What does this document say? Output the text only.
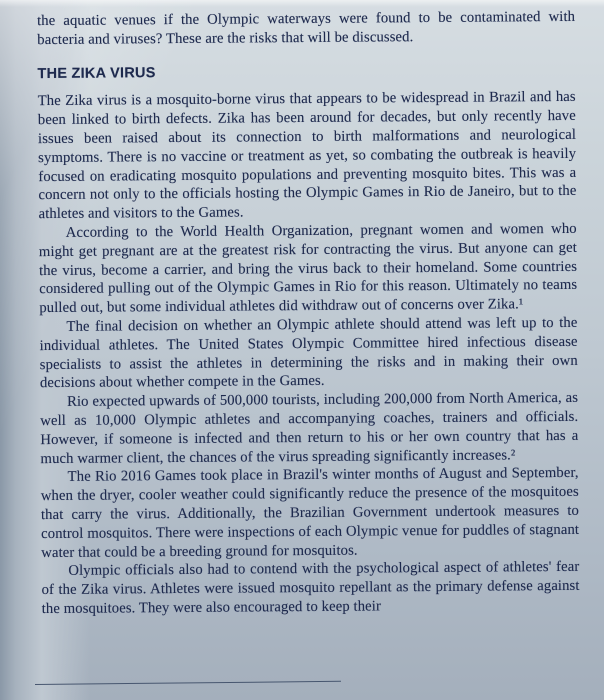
the aquatic venues if the Olympic waterways were found to be contaminated with bacteria and viruses? These are the risks that will be discussed.

THE ZIKA VIRUS

The Zika virus is a mosquito-borne virus that appears to be widespread in Brazil and has been linked to birth defects. Zika has been around for decades, but only recently have issues been raised about its connection to birth malformations and neurological symptoms. There is no vaccine or treatment as yet, so combating the outbreak is heavily focused on eradicating mosquito populations and preventing mosquito bites. This was a concern not only to the officials hosting the Olympic Games in Rio de Janeiro, but to the athletes and visitors to the Games.

According to the World Health Organization, pregnant women and women who might get pregnant are at the greatest risk for contracting the virus. But anyone can get the virus, become a carrier, and bring the virus back to their homeland. Some countries considered pulling out of the Olympic Games in Rio for this reason. Ultimately no teams pulled out, but some individual athletes did withdraw out of concerns over Zika.¹

The final decision on whether an Olympic athlete should attend was left up to the individual athletes. The United States Olympic Committee hired infectious disease specialists to assist the athletes in determining the risks and in making their own decisions about whether compete in the Games.

Rio expected upwards of 500,000 tourists, including 200,000 from North America, as well as 10,000 Olympic athletes and accompanying coaches, trainers and officials. However, if someone is infected and then return to his or her own country that has a much warmer client, the chances of the virus spreading significantly increases.²

The Rio 2016 Games took place in Brazil's winter months of August and September, when the dryer, cooler weather could significantly reduce the presence of the mosquitoes that carry the virus. Additionally, the Brazilian Government undertook measures to control mosquitos. There were inspections of each Olympic venue for puddles of stagnant water that could be a breeding ground for mosquitos.

Olympic officials also had to contend with the psychological aspect of athletes' fear of the Zika virus. Athletes were issued mosquito repellant as the primary defense against the mosquitoes. They were also encouraged to keep their
